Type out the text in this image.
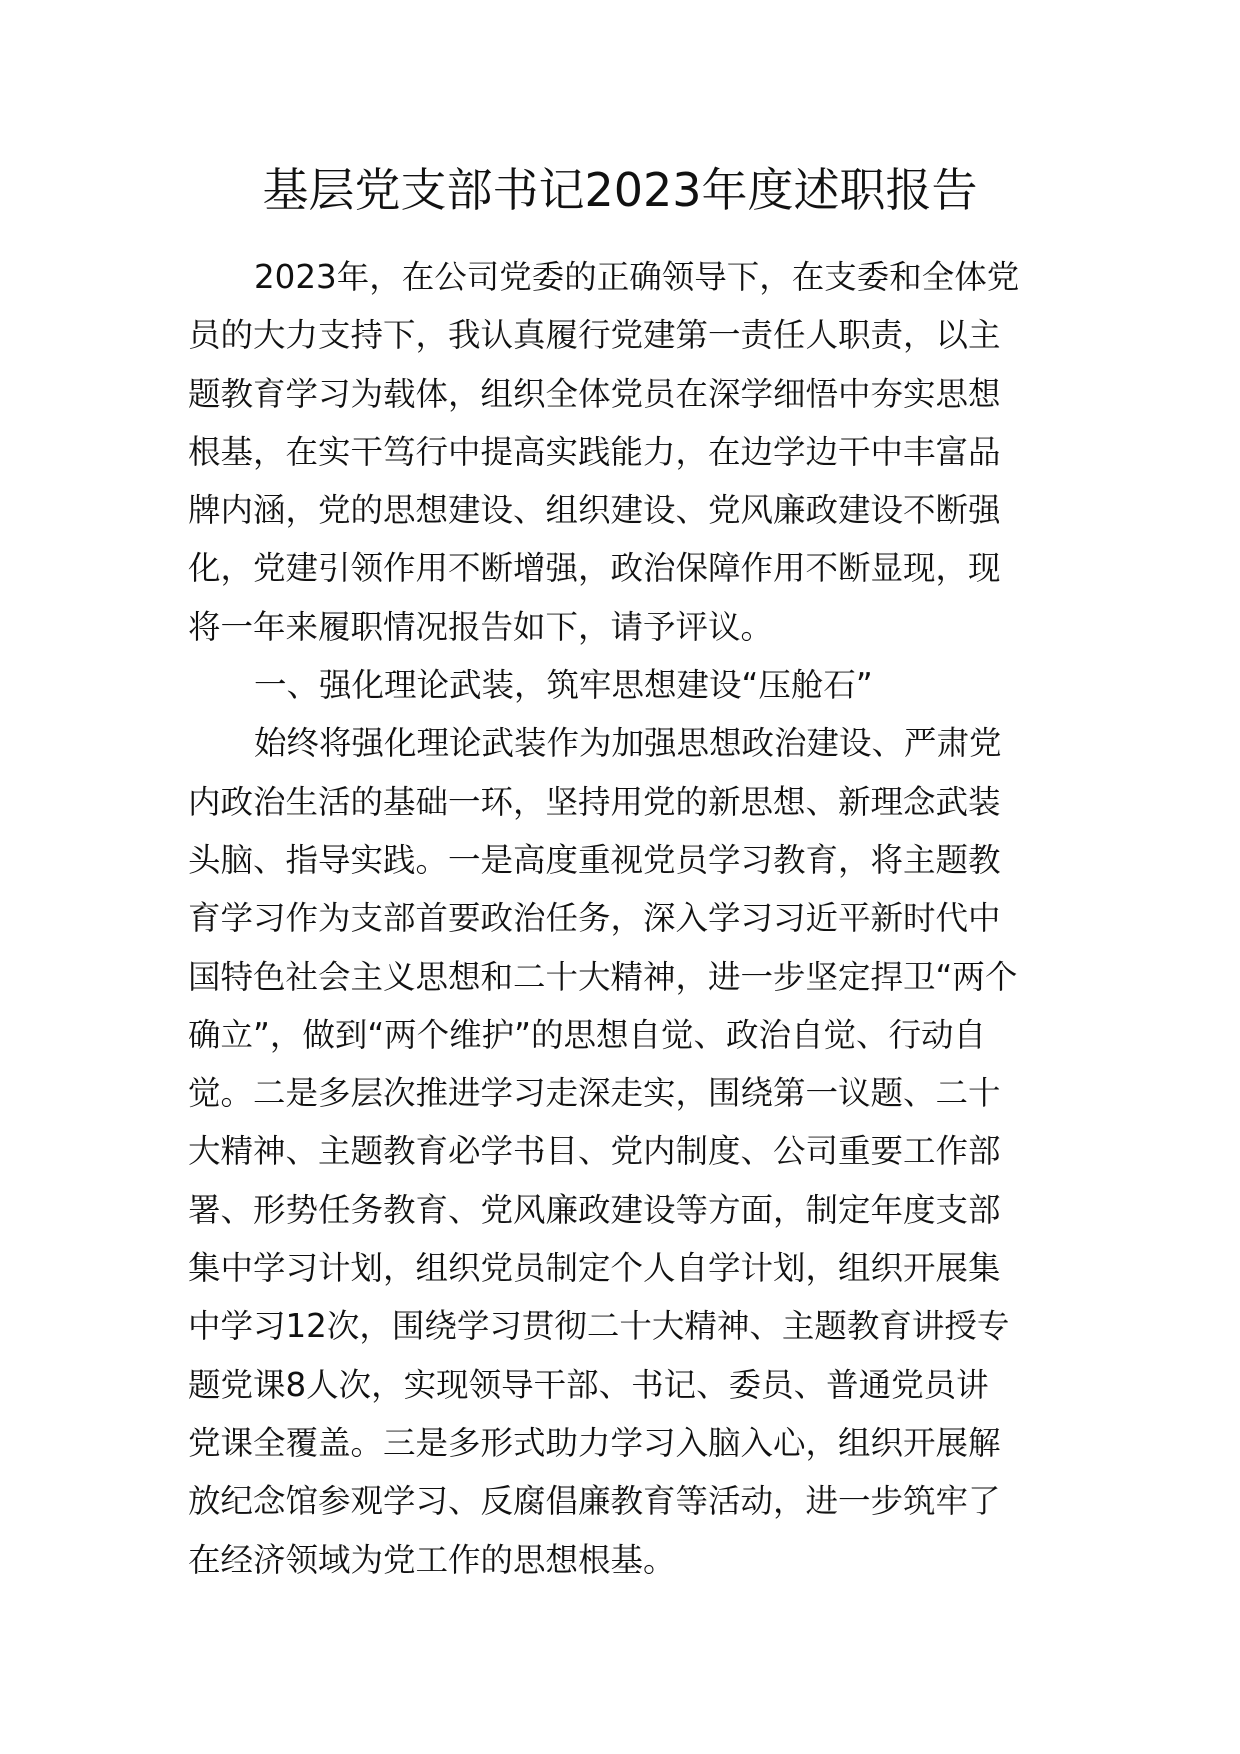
基层党支部书记2023年度述职报告
2023年，在公司党委的正确领导下，在支委和全体党
员的大力支持下，我认真履行党建第一责任人职责，以主
题教育学习为载体，组织全体党员在深学细悟中夯实思想
根基，在实干笃行中提高实践能力，在边学边干中丰富品
牌内涵，党的思想建设、组织建设、党风廉政建设不断强
化，党建引领作用不断增强，政治保障作用不断显现，现
将一年来履职情况报告如下，请予评议。
一、强化理论武装，筑牢思想建设“压舱石”
始终将强化理论武装作为加强思想政治建设、严肃党
内政治生活的基础一环，坚持用党的新思想、新理念武装
头脑、指导实践。一是高度重视党员学习教育，将主题教
育学习作为支部首要政治任务，深入学习习近平新时代中
国特色社会主义思想和二十大精神，进一步坚定捍卫“两个
确立”，做到“两个维护”的思想自觉、政治自觉、行动自
觉。二是多层次推进学习走深走实，围绕第一议题、二十
大精神、主题教育必学书目、党内制度、公司重要工作部
署、形势任务教育、党风廉政建设等方面，制定年度支部
集中学习计划，组织党员制定个人自学计划，组织开展集
中学习12次，围绕学习贯彻二十大精神、主题教育讲授专
题党课8人次，实现领导干部、书记、委员、普通党员讲
党课全覆盖。三是多形式助力学习入脑入心，组织开展解
放纪念馆参观学习、反腐倡廉教育等活动，进一步筑牢了
在经济领域为党工作的思想根基。
